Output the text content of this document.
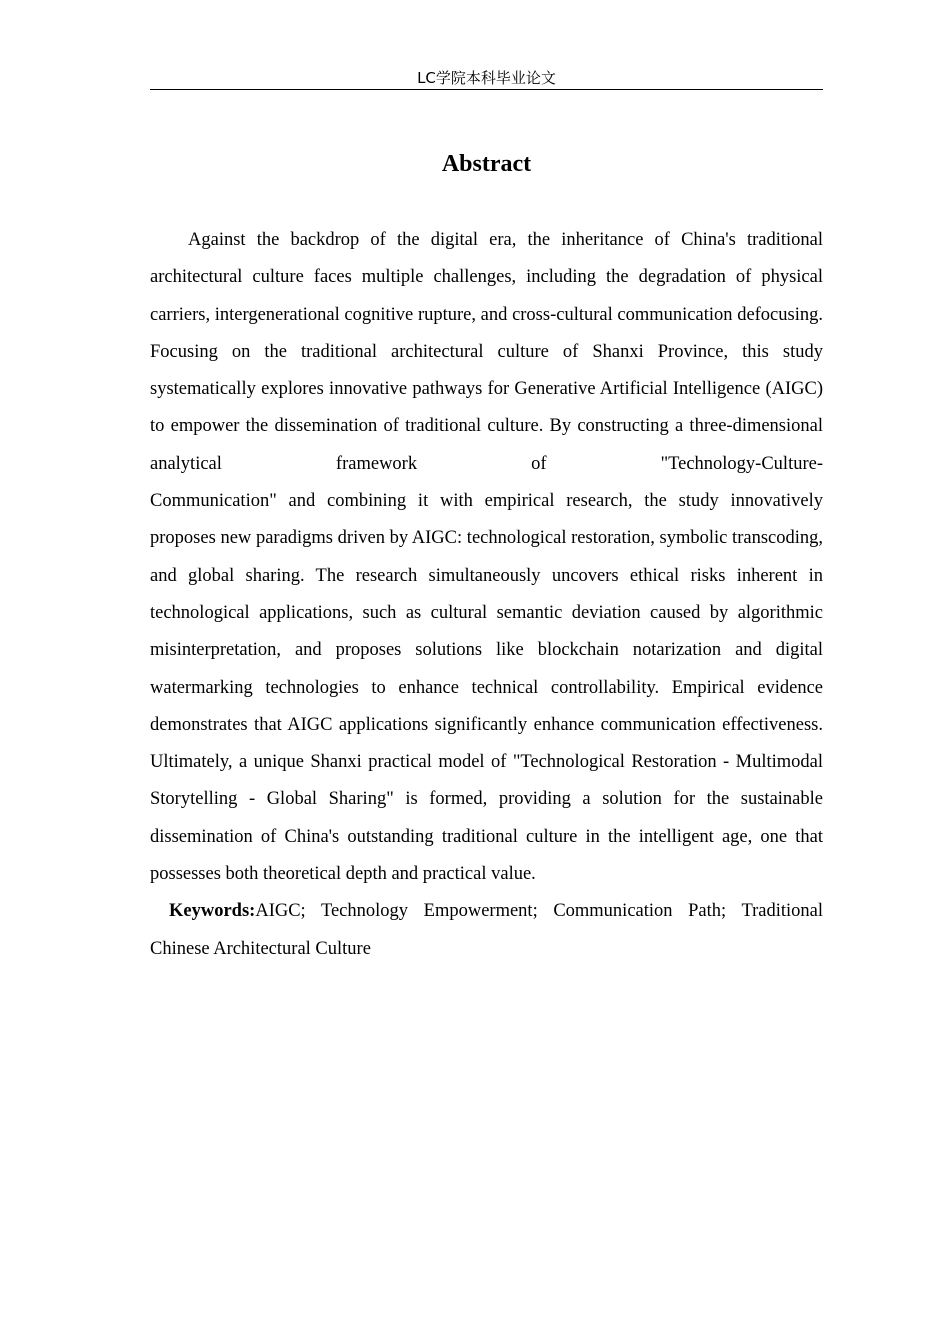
LC学院本科毕业论文
Abstract

Against the backdrop of the digital era, the inheritance of China's traditional architectural culture faces multiple challenges, including the degradation of physical carriers, intergenerational cognitive rupture, and cross-cultural communication defocusing. Focusing on the traditional architectural culture of Shanxi Province, this study systematically explores innovative pathways for Generative Artificial Intelligence (AIGC) to empower the dissemination of traditional culture. By constructing a three-dimensional analytical framework of "Technology-Culture-

Communication" and combining it with empirical research, the study innovatively proposes new paradigms driven by AIGC: technological restoration, symbolic transcoding, and global sharing. The research simultaneously uncovers ethical risks inherent in technological applications, such as cultural semantic deviation caused by algorithmic misinterpretation, and proposes solutions like blockchain notarization and digital watermarking technologies to enhance technical controllability. Empirical evidence demonstrates that AIGC applications significantly enhance communication effectiveness. Ultimately, a unique Shanxi practical model of "Technological Restoration - Multimodal Storytelling - Global Sharing" is formed, providing a solution for the sustainable dissemination of China's outstanding traditional culture in the intelligent age, one that possesses both theoretical depth and practical value.

Keywords:AIGC; Technology Empowerment; Communication Path; Traditional Chinese Architectural Culture
